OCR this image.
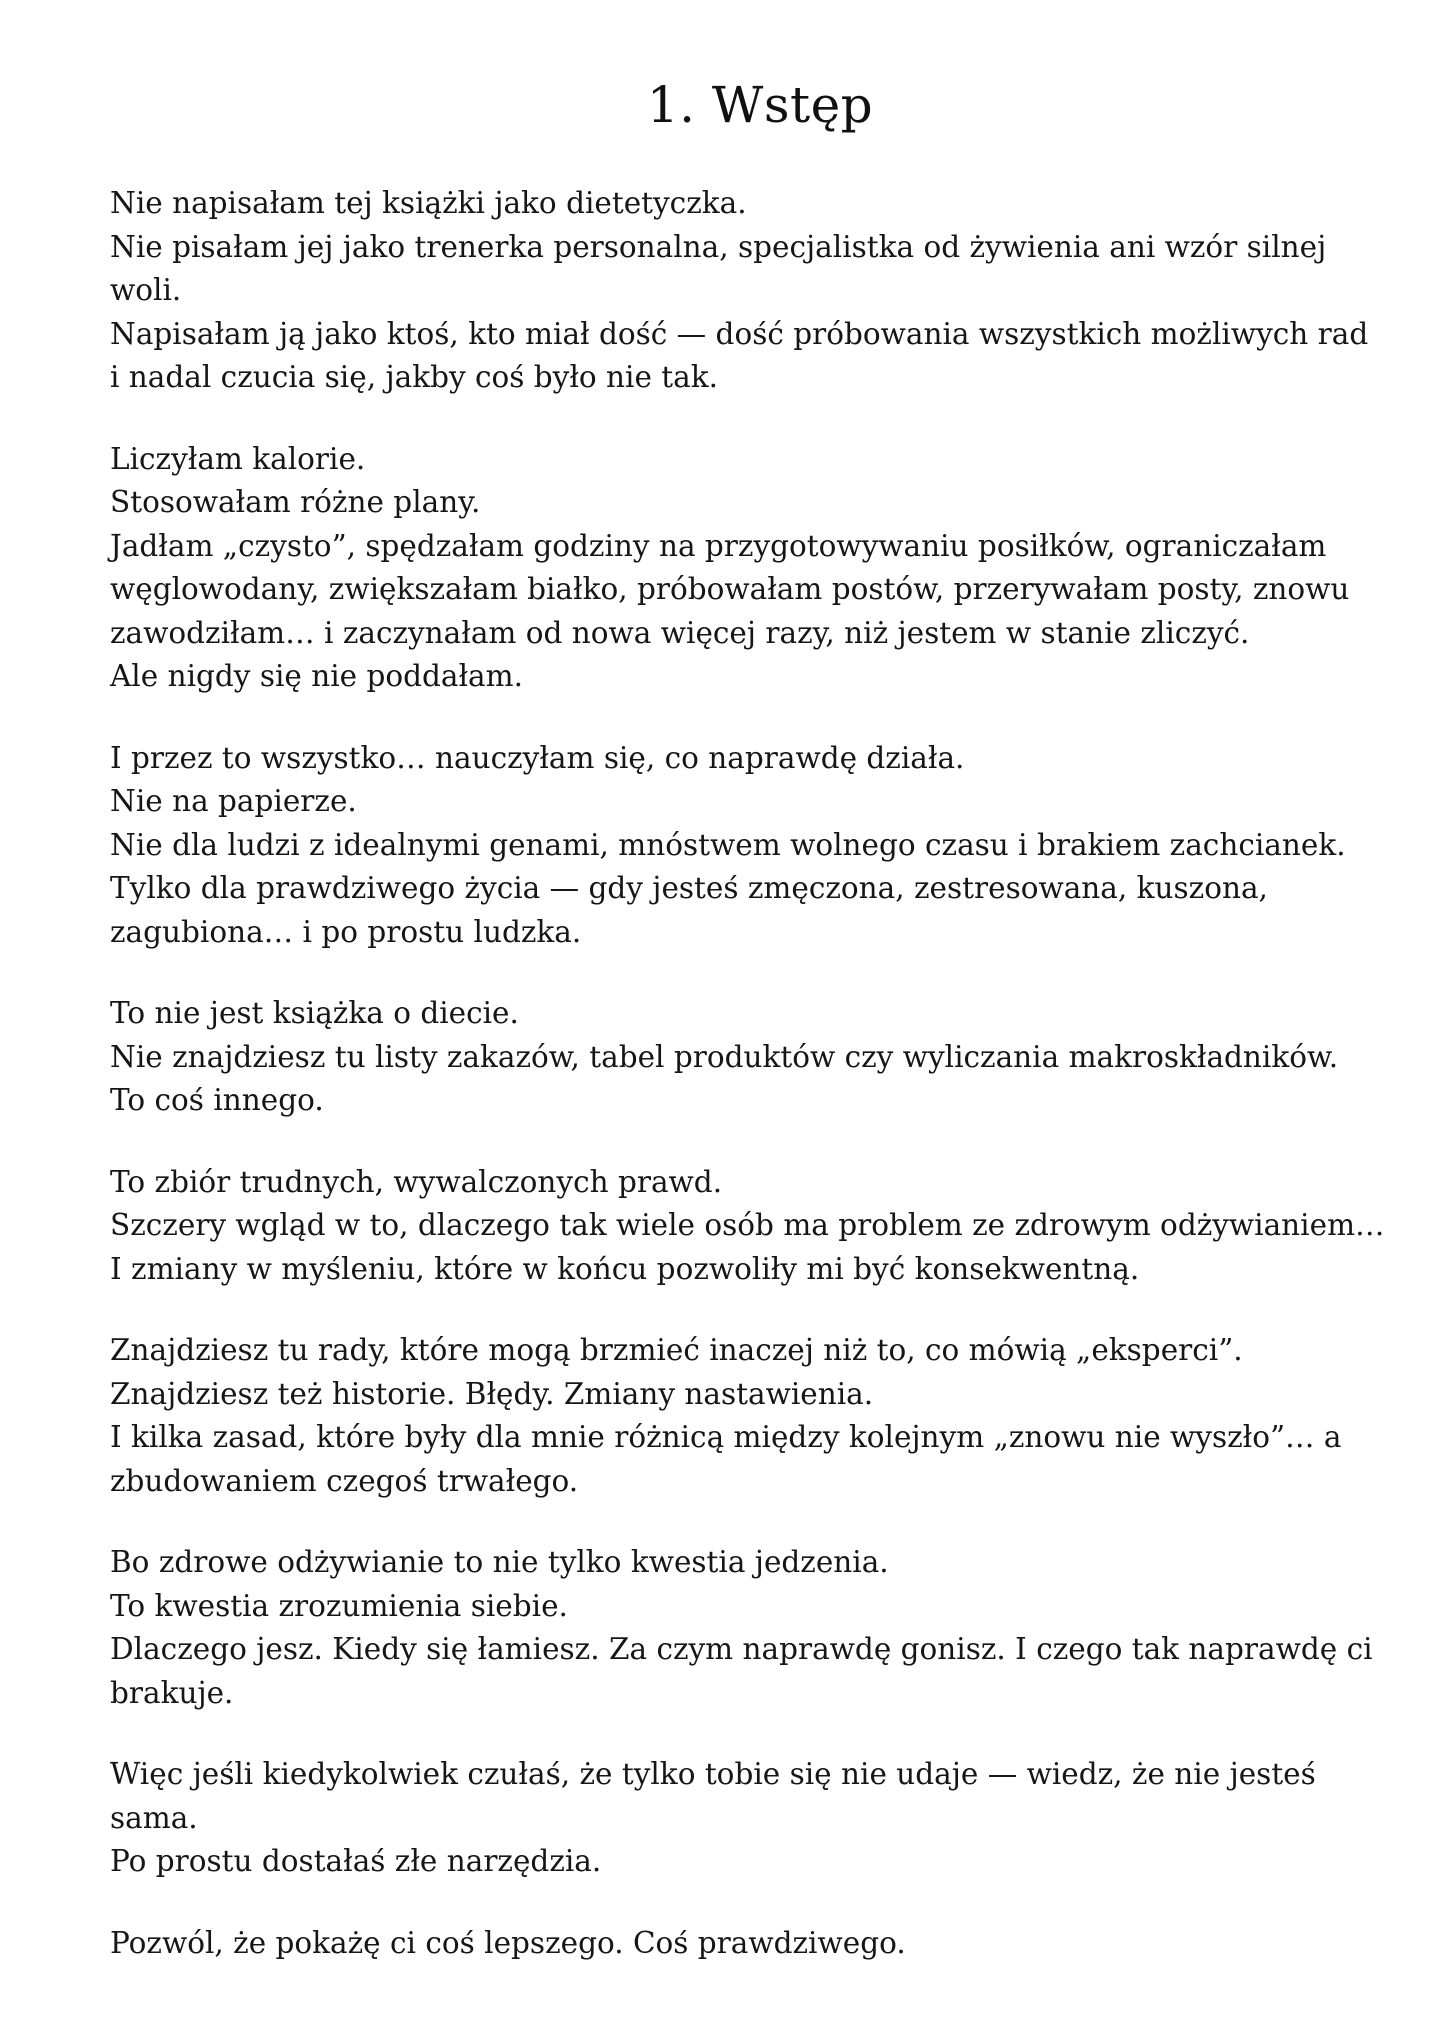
1. Wstęp
Nie napisałam tej książki jako dietetyczka.
Nie pisałam jej jako trenerka personalna, specjalistka od żywienia ani wzór silnej
woli.
Napisałam ją jako ktoś, kto miał dość — dość próbowania wszystkich możliwych rad
i nadal czucia się, jakby coś było nie tak.
Liczyłam kalorie.
Stosowałam różne plany.
Jadłam „czysto”, spędzałam godziny na przygotowywaniu posiłków, ograniczałam
węglowodany, zwiększałam białko, próbowałam postów, przerywałam posty, znowu
zawodziłam… i zaczynałam od nowa więcej razy, niż jestem w stanie zliczyć.
Ale nigdy się nie poddałam.
I przez to wszystko… nauczyłam się, co naprawdę działa.
Nie na papierze.
Nie dla ludzi z idealnymi genami, mnóstwem wolnego czasu i brakiem zachcianek.
Tylko dla prawdziwego życia — gdy jesteś zmęczona, zestresowana, kuszona,
zagubiona… i po prostu ludzka.
To nie jest książka o diecie.
Nie znajdziesz tu listy zakazów, tabel produktów czy wyliczania makroskładników.
To coś innego.
To zbiór trudnych, wywalczonych prawd.
Szczery wgląd w to, dlaczego tak wiele osób ma problem ze zdrowym odżywianiem…
I zmiany w myśleniu, które w końcu pozwoliły mi być konsekwentną.
Znajdziesz tu rady, które mogą brzmieć inaczej niż to, co mówią „eksperci”.
Znajdziesz też historie. Błędy. Zmiany nastawienia.
I kilka zasad, które były dla mnie różnicą między kolejnym „znowu nie wyszło”… a
zbudowaniem czegoś trwałego.
Bo zdrowe odżywianie to nie tylko kwestia jedzenia.
To kwestia zrozumienia siebie.
Dlaczego jesz. Kiedy się łamiesz. Za czym naprawdę gonisz. I czego tak naprawdę ci
brakuje.
Więc jeśli kiedykolwiek czułaś, że tylko tobie się nie udaje — wiedz, że nie jesteś
sama.
Po prostu dostałaś złe narzędzia.
Pozwól, że pokażę ci coś lepszego. Coś prawdziwego.
